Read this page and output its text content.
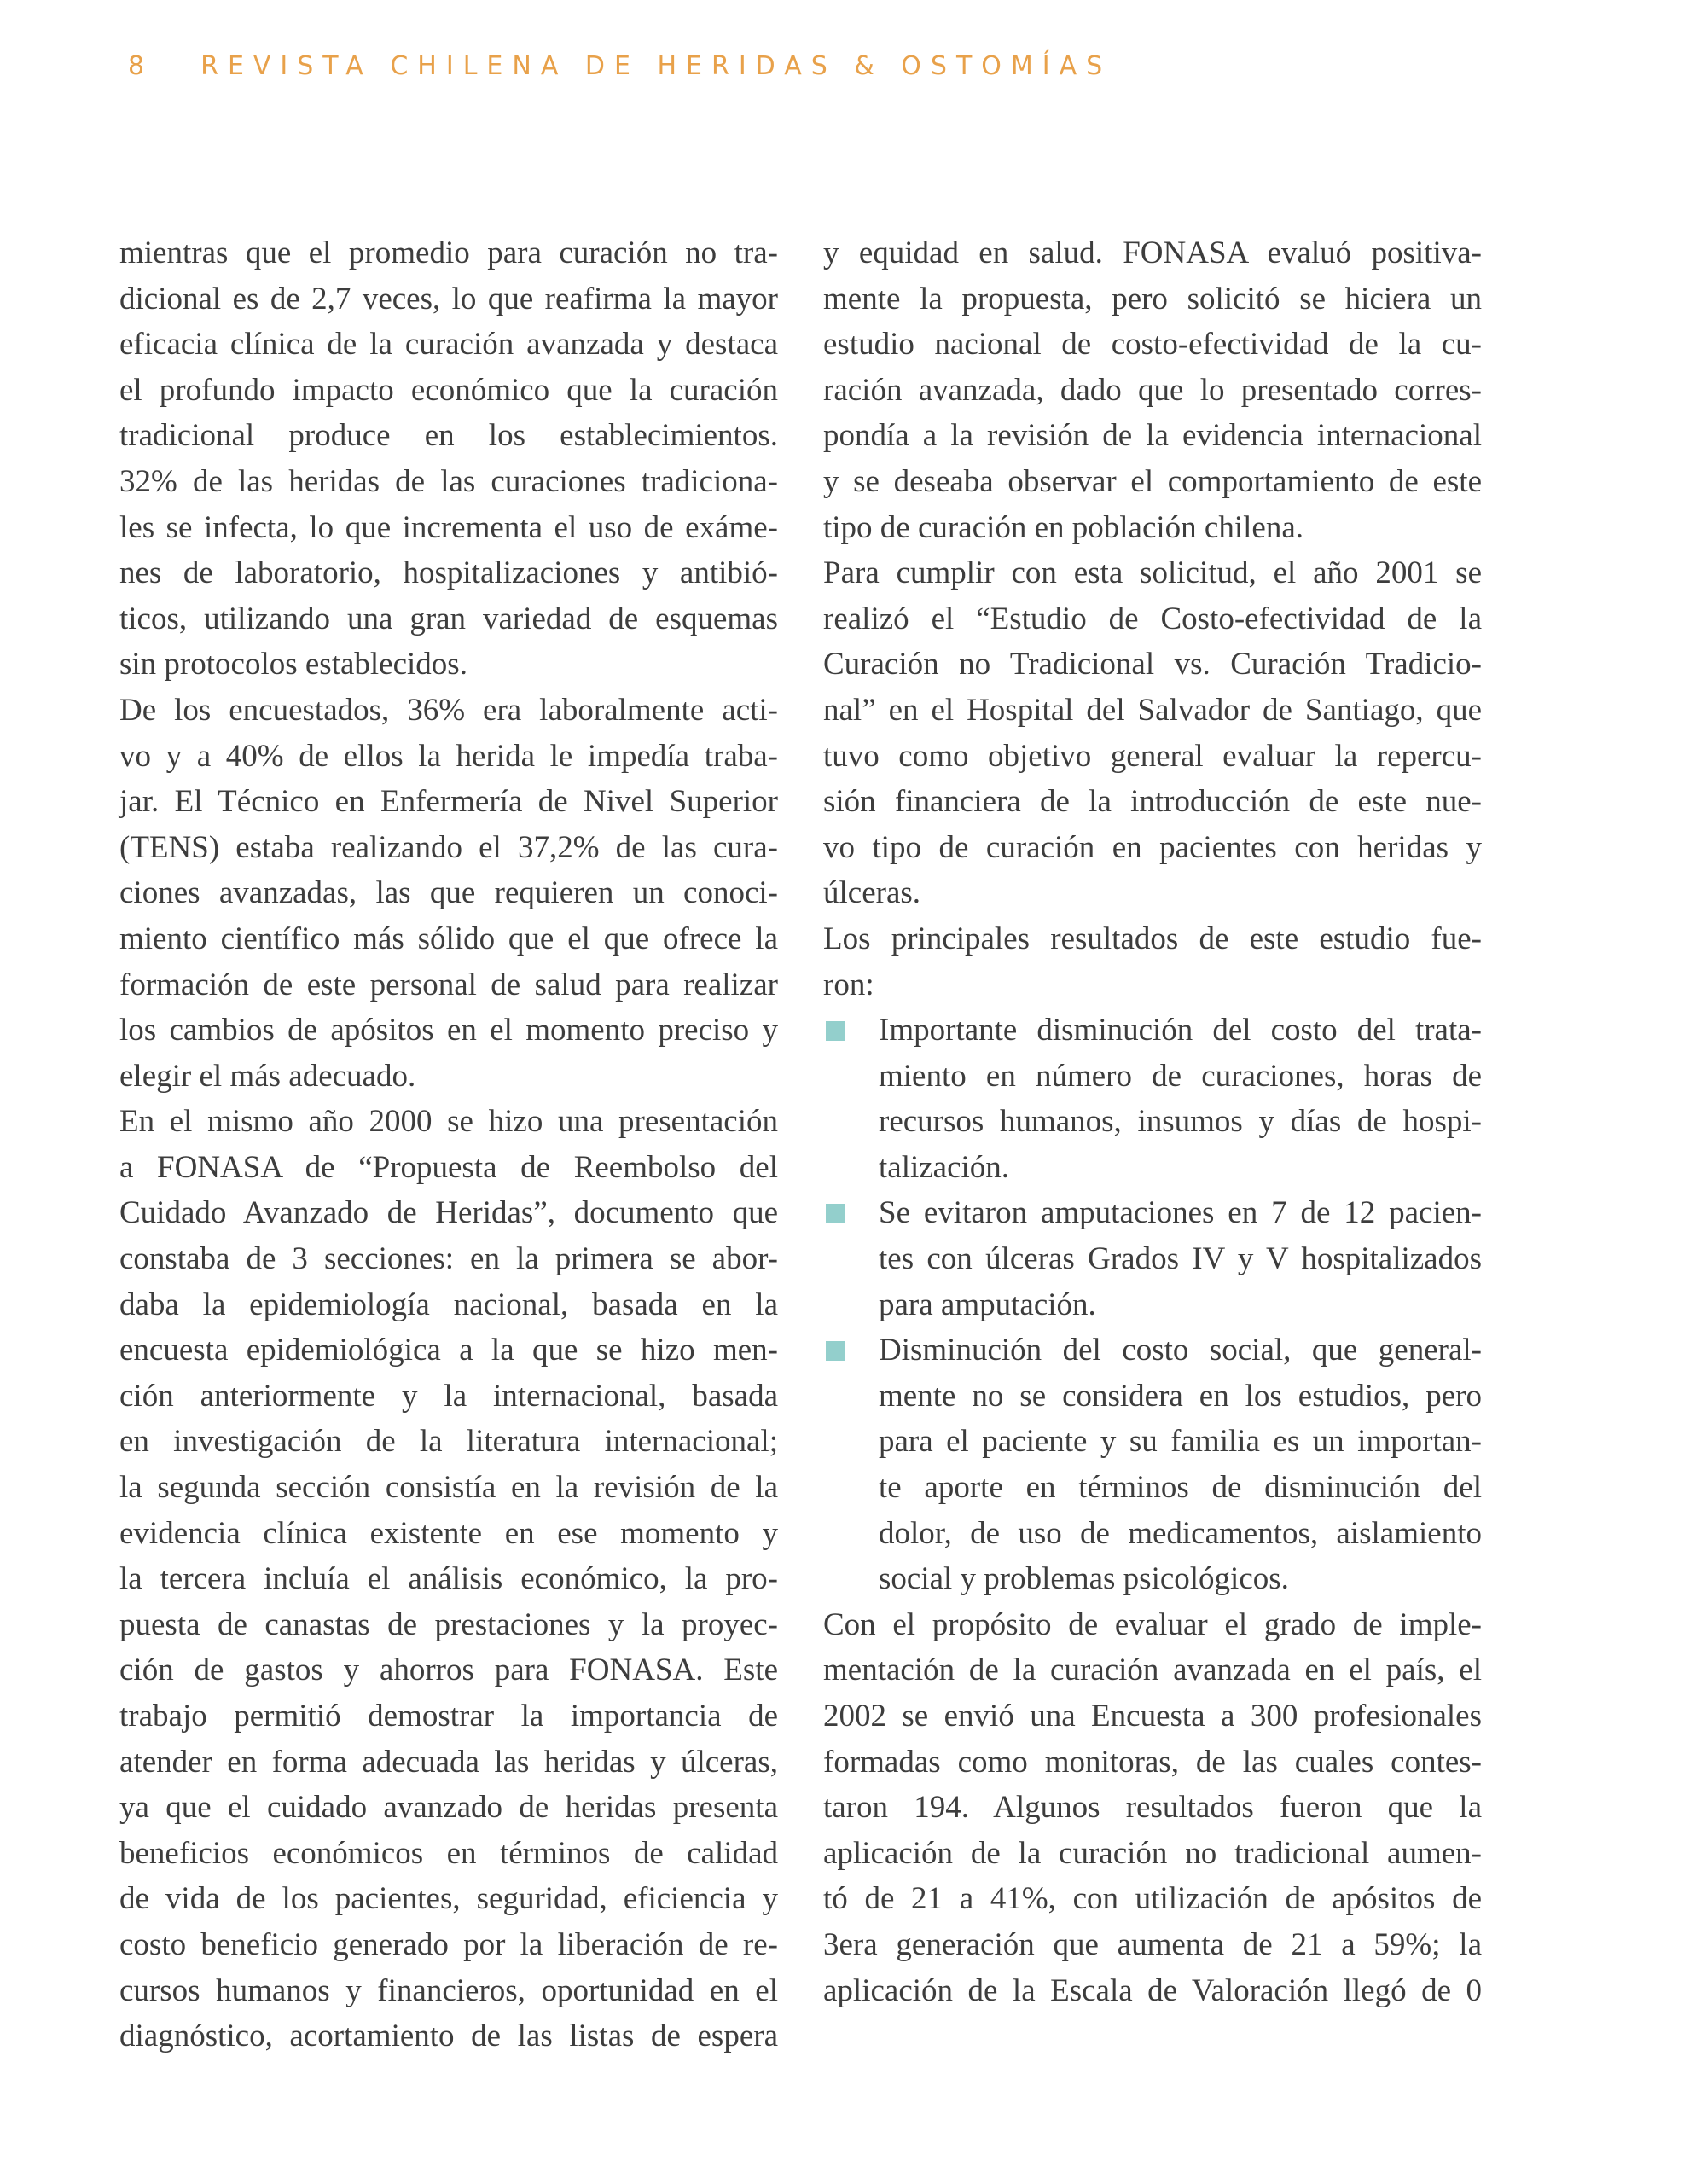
8 REVISTA CHILENA DE HERIDAS & OSTOMÍAS
mientras que el promedio para curación no tra-
dicional es de 2,7 veces, lo que reafirma la mayor
eficacia clínica de la curación avanzada y destaca
el profundo impacto económico que la curación
tradicional produce en los establecimientos.
32% de las heridas de las curaciones tradiciona-
les se infecta, lo que incrementa el uso de exáme-
nes de laboratorio, hospitalizaciones y antibió-
ticos, utilizando una gran variedad de esquemas
sin protocolos establecidos.
De los encuestados, 36% era laboralmente acti-
vo y a 40% de ellos la herida le impedía traba-
jar. El Técnico en Enfermería de Nivel Superior
(TENS) estaba realizando el 37,2% de las cura-
ciones avanzadas, las que requieren un conoci-
miento científico más sólido que el que ofrece la
formación de este personal de salud para realizar
los cambios de apósitos en el momento preciso y
elegir el más adecuado.
En el mismo año 2000 se hizo una presentación
a FONASA de “Propuesta de Reembolso del
Cuidado Avanzado de Heridas”, documento que
constaba de 3 secciones: en la primera se abor-
daba la epidemiología nacional, basada en la
encuesta epidemiológica a la que se hizo men-
ción anteriormente y la internacional, basada
en investigación de la literatura internacional;
la segunda sección consistía en la revisión de la
evidencia clínica existente en ese momento y
la tercera incluía el análisis económico, la pro-
puesta de canastas de prestaciones y la proyec-
ción de gastos y ahorros para FONASA. Este
trabajo permitió demostrar la importancia de
atender en forma adecuada las heridas y úlceras,
ya que el cuidado avanzado de heridas presenta
beneficios económicos en términos de calidad
de vida de los pacientes, seguridad, eficiencia y
costo beneficio generado por la liberación de re-
cursos humanos y financieros, oportunidad en el
diagnóstico, acortamiento de las listas de espera
y equidad en salud. FONASA evaluó positiva-
mente la propuesta, pero solicitó se hiciera un
estudio nacional de costo-efectividad de la cu-
ración avanzada, dado que lo presentado corres-
pondía a la revisión de la evidencia internacional
y se deseaba observar el comportamiento de este
tipo de curación en población chilena.
Para cumplir con esta solicitud, el año 2001 se
realizó el “Estudio de Costo-efectividad de la
Curación no Tradicional vs. Curación Tradicio-
nal” en el Hospital del Salvador de Santiago, que
tuvo como objetivo general evaluar la repercu-
sión financiera de la introducción de este nue-
vo tipo de curación en pacientes con heridas y
úlceras.
Los principales resultados de este estudio fue-
ron:
Importante disminución del costo del trata-
miento en número de curaciones, horas de
recursos humanos, insumos y días de hospi-
talización.
Se evitaron amputaciones en 7 de 12 pacien-
tes con úlceras Grados IV y V hospitalizados
para amputación.
Disminución del costo social, que general-
mente no se considera en los estudios, pero
para el paciente y su familia es un importan-
te aporte en términos de disminución del
dolor, de uso de medicamentos, aislamiento
social y problemas psicológicos.
Con el propósito de evaluar el grado de imple-
mentación de la curación avanzada en el país, el
2002 se envió una Encuesta a 300 profesionales
formadas como monitoras, de las cuales contes-
taron 194. Algunos resultados fueron que la
aplicación de la curación no tradicional aumen-
tó de 21 a 41%, con utilización de apósitos de
3era generación que aumenta de 21 a 59%; la
aplicación de la Escala de Valoración llegó de 0
